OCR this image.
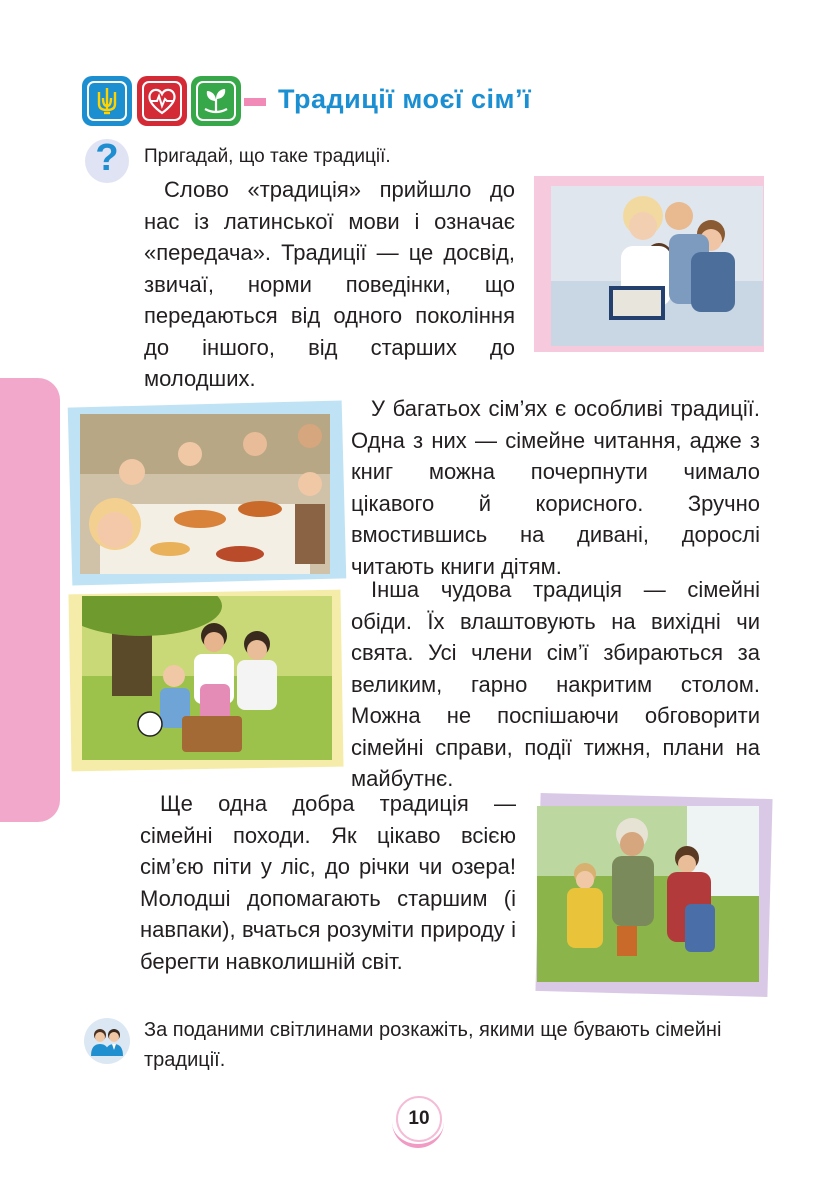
Традиції моєї сім’ї
? Пригадай, що таке традиції.

Слово «традиція» прийшло до нас із латинської мови і означає «передача». Традиції — це досвід, звичаї, норми поведінки, що передаються від одного покоління до іншого, від старших до молодших.

У багатьох сім’ях є особливі традиції. Одна з них — сімейне читання, адже з книг можна почерпнути чимало цікавого й корисного. Зручно вмостившись на дивані, дорослі читають книги дітям.

Інша чудова традиція — сімейні обіди. Їх влаштовують на вихідні чи свята. Усі члени сім’ї збираються за великим, гарно накритим столом. Можна не поспішаючи обговорити сімейні справи, події тижня, плани на майбутнє.

Ще одна добра традиція — сімейні походи. Як цікаво всією сім’єю піти у ліс, до річки чи озера! Молодші допомагають старшим (і навпаки), вчаться розуміти природу і берегти навколишній світ.

За поданими світлинами розкажіть, якими ще бувають сімейні традиції.

10
